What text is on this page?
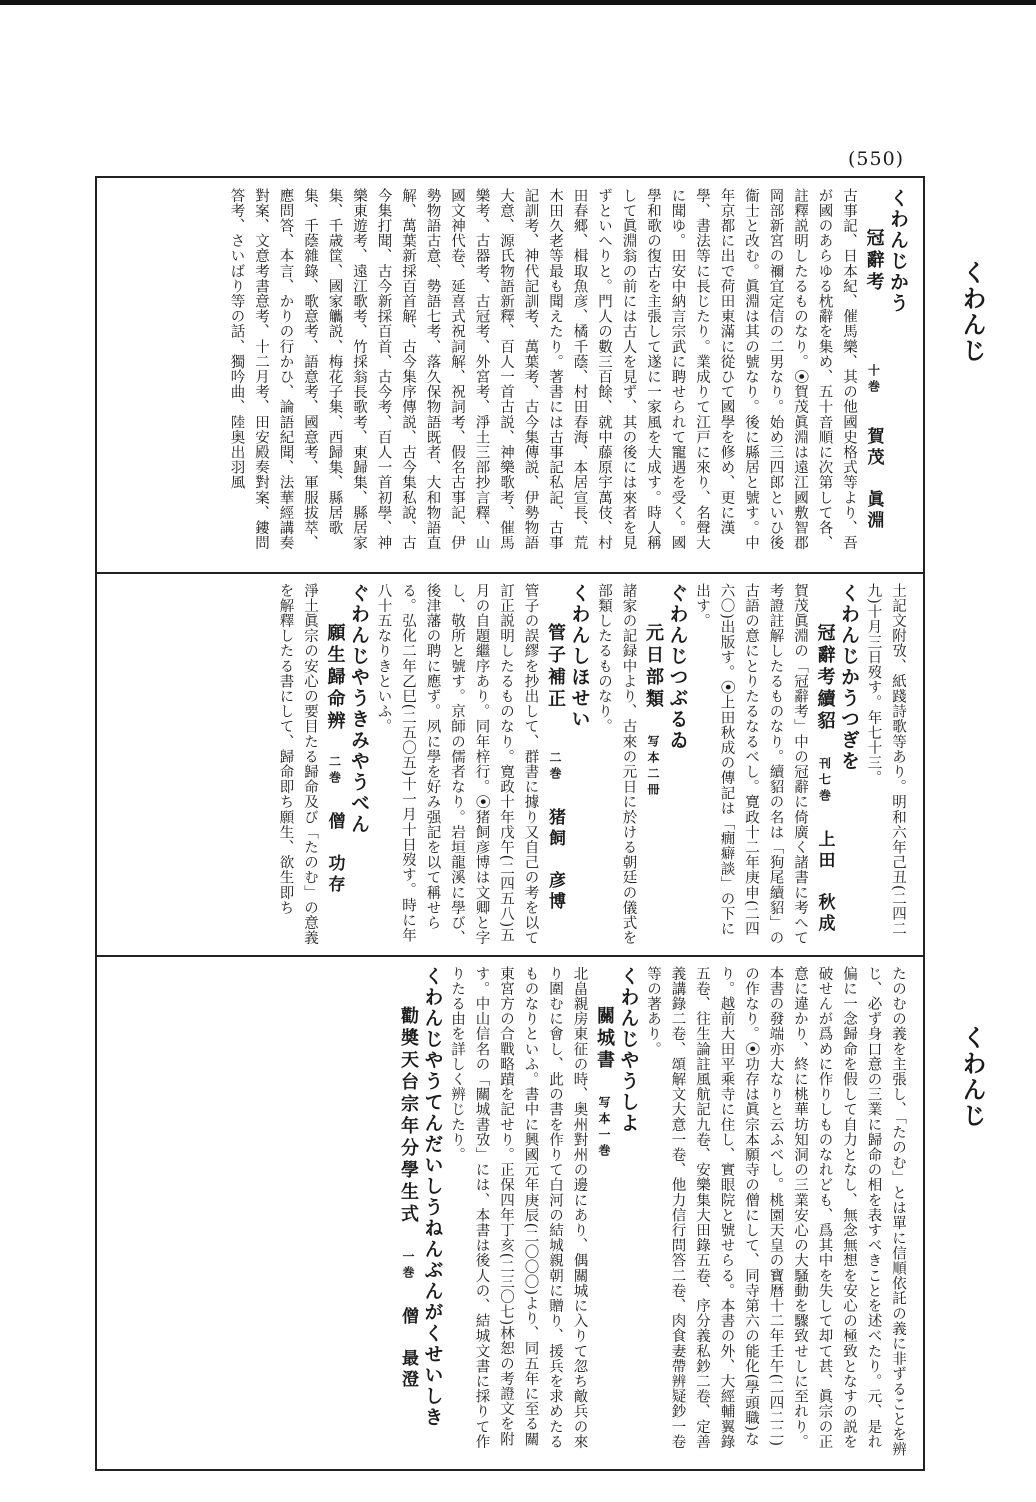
(550)
くわんじ
くわんじ

くわんじかう

冠辭考 十巻 賀茂　眞淵

古事記、日本紀、催馬樂、其の他國史格式等より、吾が國のあらゆる枕辭を集め、五十音順に次第して各、註釋説明したるものなり。⦿賀茂眞淵は遠江國敷智郡岡部新宮の禰宜定信の二男なり。始め三四郎といひ後衞士と改む。眞淵は其の號なり。後に縣居と號す。中年京都に出で荷田東滿に從ひて國學を修め、更に漢學、書法等に長じたり。業成りて江戸に來り、名聲大に聞ゆ。田安中納言宗武に聘せられて寵遇を受く。國學和歌の復古を主張して遂に一家風を大成す。時人稱して眞淵翁の前には古人を見ず、其の後には來者を見ずといへりと。門人の數三百餘、就中藤原宇萬伎、村田春郷、楫取魚彦、橘千蔭、村田春海、本居宣長、荒木田久老等最も聞えたり。著書には古事記私記、古事記訓考、神代記訓考、萬葉考、古今集傳説、伊勢物語大意、源氏物語新釋、百人一首古説、神樂歌考、催馬樂考、古器考、古冠考、外宮考、淨土三部抄言釋、山國文神代卷、延喜式祝詞解、祝詞考、假名古事記、伊勢物語古意、勢語七考、落久保物語既者、大和物語直解、萬葉新採百首解、古今集序傳説、古今集私說、古今集打聞、古今新採百首、古今考、百人一首初學、神樂東遊考、遠江歌考、竹採翁長歌考、東歸集、縣居家集、千歳筐、國家觿説、梅花子集、西歸集、縣居歌集、千蔭雜錄、歌意考、語意考、國意考、軍服拔萃、應問答、本言、かりの行かひ、論語紀聞、法華經講奏對案、文意考書意考、十二月考、田安殿奏對案、鏤問答考、さいばり等の話、獨吟曲、陸奥出羽風

土記文附攷、紙踐詩歌等あり。明和六年己丑(二四二九)十月三日歿す。年七十三。

くわんじかうつぎを

冠辭考續貂 刊七巻 上田　秋成

賀茂眞淵の「冠辭考」中の冠辭に倚廣く諸書に考へて考證註解したるものなり。續貂の名は「狗尾續貂」の古語の意にとりたるなるべし。寛政十二年庚申(二四六〇)出版す。⦿上田秋成の傳記は「癇癖談」の下に出す。

ぐわんじつぶるゐ

元日部類 写本二冊

諸家の記録中より、古來の元日に於ける朝廷の儀式を部類したるものなり。

くわんしほせい

管子補正 二巻 猪飼　彦博

管子の誤繆を抄出して、群書に據り又自己の考を以て訂正説明したるものなり。寛政十年戊午(二四五八)五月の自題繼序あり。同年梓行。⦿猪飼彦博は文卿と字し、敬所と號す。京師の儒者なり。岩垣龍溪に學び、後津藩の聘に應ず。夙に學を好み强記を以て稱せらる。弘化二年乙巳(二五〇五)十一月十日歿す。時に年八十五なりきといふ。

ぐわんじやうきみやうべん

願生歸命辨 二巻 僧　功存

淨土眞宗の安心の要目たる歸命及び「たのむ」の意義を解釋したる書にして、歸命即ち願生、欲生即ち

たのむの義を主張し、「たのむ」とは單に信順依託の義に非ずることを辨じ、必ず身口意の三業に歸命の相を表すべきことを述べたり。元、是れ偏に一念歸命を假して自力となし、無念無想を安心の極致となすの説を破せんが爲めに作りしものなれども、爲其中を失して却て甚、眞宗の正意に違かり、終に桃華坊知洞の三業安心の大騒動を驟致せしに至れり。本書の發端亦大なりと云ふべし。桃園天皇の寶暦十二年壬午(二四二二)の作なり。⦿功存は眞宗本願寺の僧にして、同寺第六の能化(學頭職)なり。越前大田平乘寺に住し、實眼院と號せらる。本書の外、大經輔翼錄五卷、往生論註風航記九卷、安樂集大田錄五卷、序分義私鈔二卷、定善義講錄二卷、頌解文大意一卷、他力信行問答二卷、肉食妻帶辨疑鈔一卷等の著あり。

くわんじやうしよ

關城書 写本一巻

北畠親房東征の時、奥州對州の邊にあり、偶關城に入りて忽ち敵兵の來り圍むに會し、此の書を作りて白河の結城親朝に贈り、援兵を求めたるものなりといふ。書中に興國元年庚辰(二〇〇〇)より、同五年に至る關東宮方の合戰略蹟を記せり。正保四年丁亥(二三〇七)林恕の考證文を附す。中山信名の「關城書攷」には、本書は後人の、結城文書に採りて作りたる由を詳しく辨じたり。

くわんじやうてんだいしうねんぶんがくせいしき

勸奬天台宗年分學生式 一巻 僧　最澄
